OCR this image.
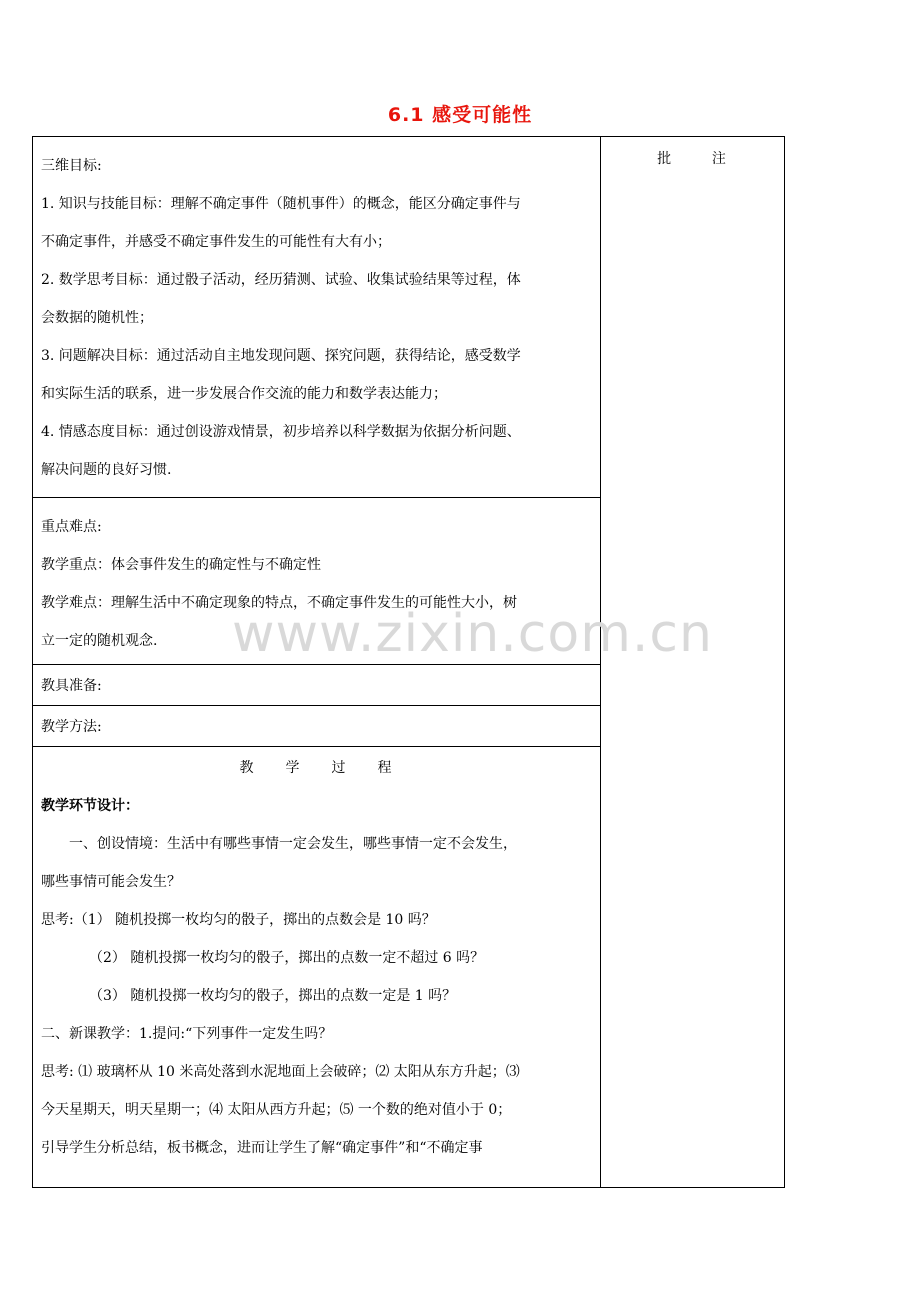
6.1 感受可能性

三维目标:

1. 知识与技能目标：理解不确定事件（随机事件）的概念，能区分确定事件与

不确定事件，并感受不确定事件发生的可能性有大有小；

2. 数学思考目标：通过骰子活动，经历猜测、试验、收集试验结果等过程，体

会数据的随机性；

3. 问题解决目标：通过活动自主地发现问题、探究问题，获得结论，感受数学

和实际生活的联系，进一步发展合作交流的能力和数学表达能力；

4. 情感态度目标：通过创设游戏情景，初步培养以科学数据为依据分析问题、

解决问题的良好习惯.

批	注

重点难点:

教学重点：体会事件发生的确定性与不确定性

教学难点：理解生活中不确定现象的特点，不确定事件发生的可能性大小，树

立一定的随机观念.

教具准备:

教学方法:

教 学 过 程

教学环节设计：

一、创设情境：生活中有哪些事情一定会发生，哪些事情一定不会发生，

哪些事情可能会发生？

思考:（1） 随机投掷一枚均匀的骰子，掷出的点数会是 10 吗？

（2） 随机投掷一枚均匀的骰子，掷出的点数一定不超过 6 吗？

（3） 随机投掷一枚均匀的骰子，掷出的点数一定是 1 吗？

二、新课教学：1.提问:“下列事件一定发生吗？

思考: ⑴ 玻璃杯从 10 米高处落到水泥地面上会破碎；⑵ 太阳从东方升起；⑶

今天星期天，明天星期一；⑷ 太阳从西方升起；⑸ 一个数的绝对值小于 0；

引导学生分析总结，板书概念，进而让学生了解“确定事件”和“不确定事

www.zixin.com.cn
